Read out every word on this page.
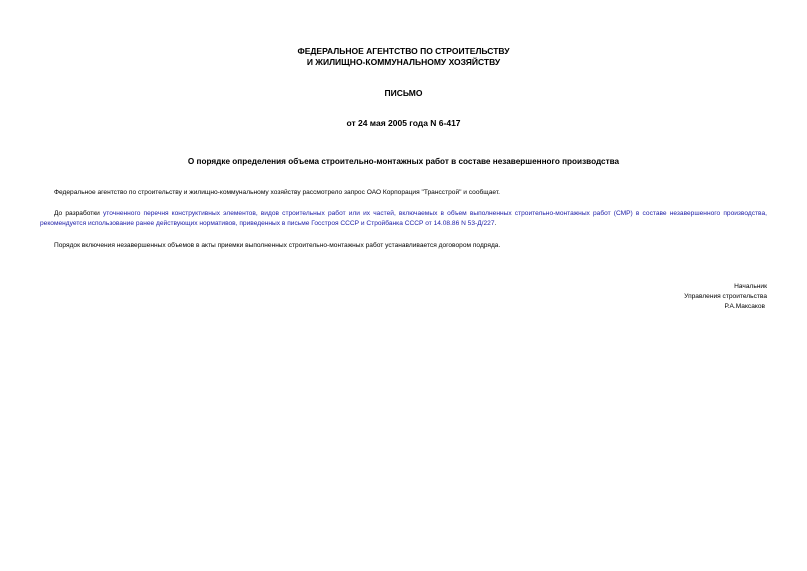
ФЕДЕРАЛЬНОЕ АГЕНТСТВО ПО СТРОИТЕЛЬСТВУ
И ЖИЛИЩНО-КОММУНАЛЬНОМУ ХОЗЯЙСТВУ
ПИСЬМО
от 24 мая 2005 года N 6-417
О порядке определения объема строительно-монтажных работ в составе незавершенного производства
Федеральное агентство по строительству и жилищно-коммунальному хозяйству рассмотрело запрос ОАО Корпорация "Трансстрой" и сообщает.
До разработки уточненного перечня конструктивных элементов, видов строительных работ или их частей, включаемых в объем выполненных строительно-монтажных работ (СМР) в составе незавершенного производства, рекомендуется использование ранее действующих нормативов, приведенных в письме Госстроя СССР и Стройбанка СССР от 14.08.86 N 53-Д/227.
Порядок включения незавершенных объемов в акты приемки выполненных строительно-монтажных работ устанавливается договором подряда.
Начальник
Управления строительства
Р.А.Максаков
